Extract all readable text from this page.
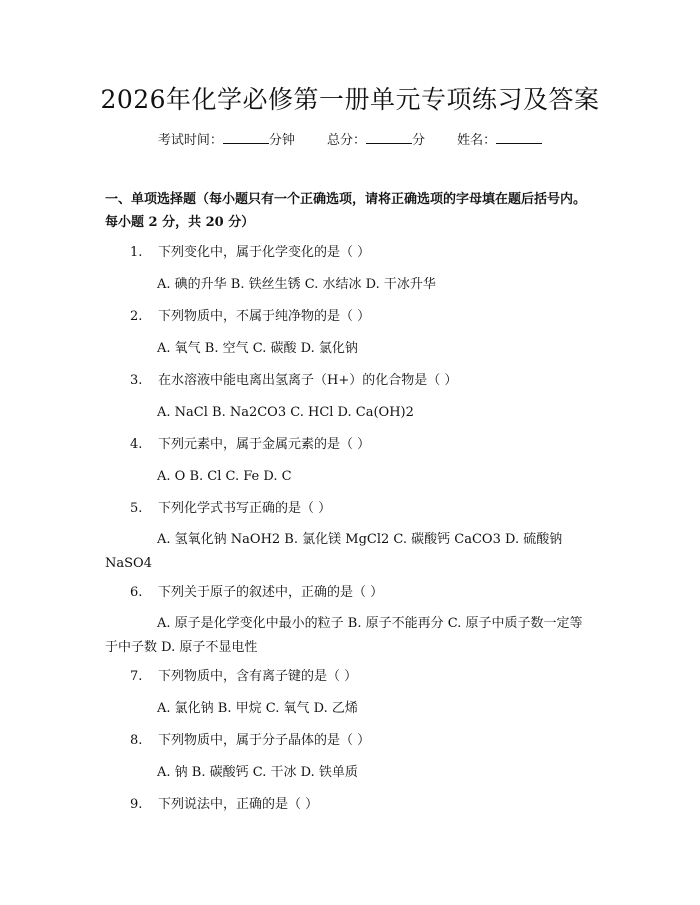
2026年化学必修第一册单元专项练习及答案
考试时间：	分钟 总分：	分 姓名：
一、单项选择题（每小题只有一个正确选项，请将正确选项的字母填在题后括号内。每小题 2 分，共 20 分）
1. 下列变化中，属于化学变化的是（ ）
A. 碘的升华 B. 铁丝生锈 C. 水结冰 D. 干冰升华
2. 下列物质中，不属于纯净物的是（ ）
A. 氧气 B. 空气 C. 碳酸 D. 氯化钠
3. 在水溶液中能电离出氢离子（H+）的化合物是（ ）
A. NaCl B. Na2CO3 C. HCl D. Ca(OH)2
4. 下列元素中，属于金属元素的是（ ）
A. O B. Cl C. Fe D. C
5. 下列化学式书写正确的是（ ）
A. 氢氧化钠 NaOH2 B. 氯化镁 MgCl2 C. 碳酸钙 CaCO3 D. 硫酸钠 NaSO4
6. 下列关于原子的叙述中，正确的是（ ）
A. 原子是化学变化中最小的粒子 B. 原子不能再分 C. 原子中质子数一定等于中子数 D. 原子不显电性
7. 下列物质中，含有离子键的是（ ）
A. 氯化钠 B. 甲烷 C. 氧气 D. 乙烯
8. 下列物质中，属于分子晶体的是（ ）
A. 钠 B. 碳酸钙 C. 干冰 D. 铁单质
9. 下列说法中，正确的是（ ）
